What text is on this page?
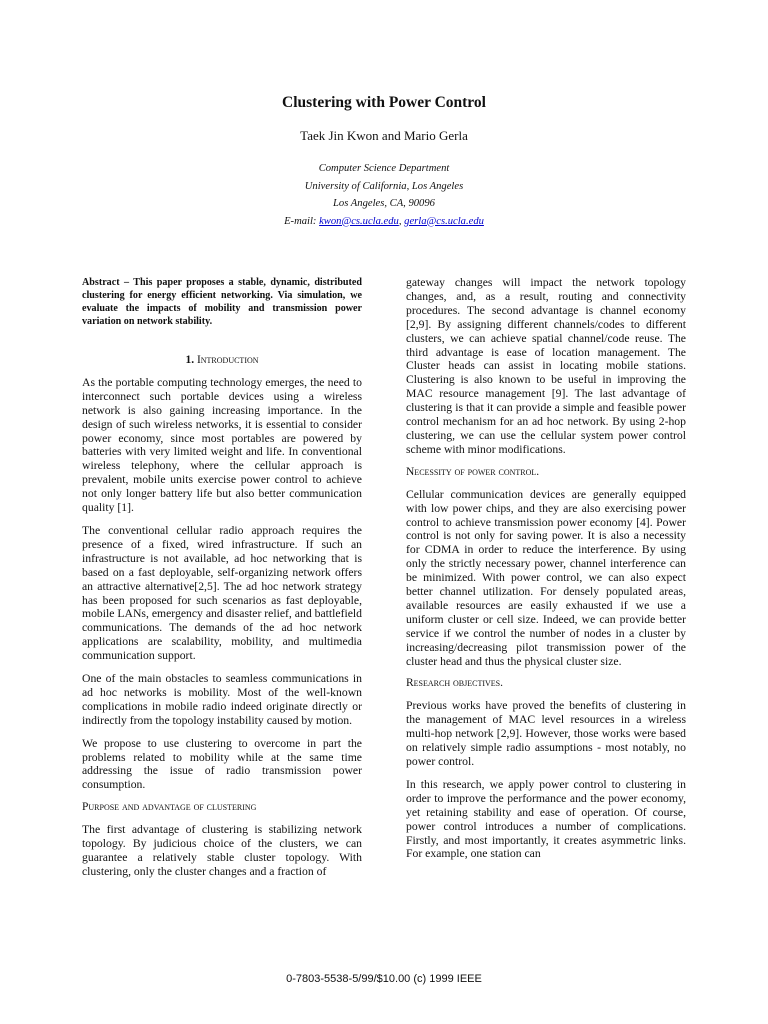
Clustering with Power Control
Taek Jin Kwon and Mario Gerla
Computer Science Department
University of California, Los Angeles
Los Angeles, CA, 90096
E-mail: kwon@cs.ucla.edu, gerla@cs.ucla.edu

Abstract – This paper proposes a stable, dynamic, distributed clustering for energy efficient networking. Via simulation, we evaluate the impacts of mobility and transmission power variation on network stability.

1. Introduction

As the portable computing technology emerges, the need to interconnect such portable devices using a wireless network is also gaining increasing importance. In the design of such wireless networks, it is essential to consider power economy, since most portables are powered by batteries with very limited weight and life. In conventional wireless telephony, where the cellular approach is prevalent, mobile units exercise power control to achieve not only longer battery life but also better communication quality [1].

The conventional cellular radio approach requires the presence of a fixed, wired infrastructure. If such an infrastructure is not available, ad hoc networking that is based on a fast deployable, self-organizing network offers an attractive alternative[2,5]. The ad hoc network strategy has been proposed for such scenarios as fast deployable, mobile LANs, emergency and disaster relief, and battlefield communications. The demands of the ad hoc network applications are scalability, mobility, and multimedia communication support.

One of the main obstacles to seamless communications in ad hoc networks is mobility. Most of the well-known complications in mobile radio indeed originate directly or indirectly from the topology instability caused by motion.

We propose to use clustering to overcome in part the problems related to mobility while at the same time addressing the issue of radio transmission power consumption.

Purpose and advantage of clustering

The first advantage of clustering is stabilizing network topology. By judicious choice of the clusters, we can guarantee a relatively stable cluster topology. With clustering, only the cluster changes and a fraction of

gateway changes will impact the network topology changes, and, as a result, routing and connectivity procedures. The second advantage is channel economy [2,9]. By assigning different channels/codes to different clusters, we can achieve spatial channel/code reuse. The third advantage is ease of location management. The Cluster heads can assist in locating mobile stations. Clustering is also known to be useful in improving the MAC resource management [9]. The last advantage of clustering is that it can provide a simple and feasible power control mechanism for an ad hoc network. By using 2-hop clustering, we can use the cellular system power control scheme with minor modifications.

Necessity of power control.

Cellular communication devices are generally equipped with low power chips, and they are also exercising power control to achieve transmission power economy [4]. Power control is not only for saving power. It is also a necessity for CDMA in order to reduce the interference. By using only the strictly necessary power, channel interference can be minimized. With power control, we can also expect better channel utilization. For densely populated areas, available resources are easily exhausted if we use a uniform cluster or cell size. Indeed, we can provide better service if we control the number of nodes in a cluster by increasing/decreasing pilot transmission power of the cluster head and thus the physical cluster size.

Research objectives.

Previous works have proved the benefits of clustering in the management of MAC level resources in a wireless multi-hop network [2,9]. However, those works were based on relatively simple radio assumptions - most notably, no power control.

In this research, we apply power control to clustering in order to improve the performance and the power economy, yet retaining stability and ease of operation. Of course, power control introduces a number of complications. Firstly, and most importantly, it creates asymmetric links. For example, one station can

0-7803-5538-5/99/$10.00 (c) 1999 IEEE
